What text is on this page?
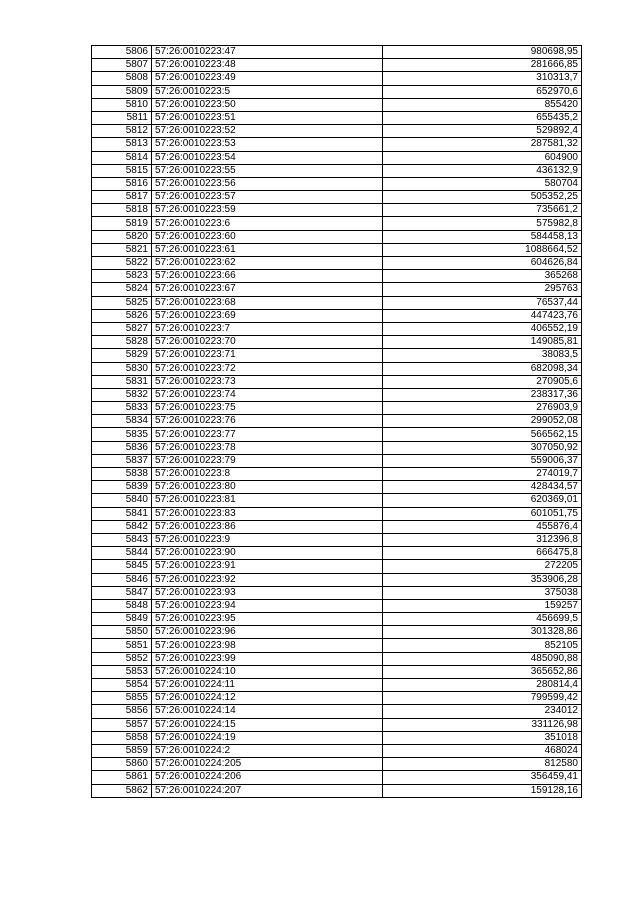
5806	57:26:0010223:47	980698,95
5807	57:26:0010223:48	281666,85
5808	57:26:0010223:49	310313,7
5809	57:26:0010223:5	652970,6
5810	57:26:0010223:50	855420
5811	57:26:0010223:51	655435,2
5812	57:26:0010223:52	529892,4
5813	57:26:0010223:53	287581,32
5814	57:26:0010223:54	604900
5815	57:26:0010223:55	436132,9
5816	57:26:0010223:56	580704
5817	57:26:0010223:57	505352,25
5818	57:26:0010223:59	735661,2
5819	57:26:0010223:6	575982,8
5820	57:26:0010223:60	584458,13
5821	57:26:0010223:61	1088664,52
5822	57:26:0010223:62	604626,84
5823	57:26:0010223:66	365268
5824	57:26:0010223:67	295763
5825	57:26:0010223:68	76537,44
5826	57:26:0010223:69	447423,76
5827	57:26:0010223:7	406552,19
5828	57:26:0010223:70	149085,81
5829	57:26:0010223:71	38083,5
5830	57:26:0010223:72	682098,34
5831	57:26:0010223:73	270905,6
5832	57:26:0010223:74	238317,36
5833	57:26:0010223:75	276903,9
5834	57:26:0010223:76	299052,08
5835	57:26:0010223:77	566562,15
5836	57:26:0010223:78	307050,92
5837	57:26:0010223:79	559006,37
5838	57:26:0010223:8	274019,7
5839	57:26:0010223:80	428434,57
5840	57:26:0010223:81	620369,01
5841	57:26:0010223:83	601051,75
5842	57:26:0010223:86	455876,4
5843	57:26:0010223:9	312396,8
5844	57:26:0010223:90	666475,8
5845	57:26:0010223:91	272205
5846	57:26:0010223:92	353906,28
5847	57:26:0010223:93	375038
5848	57:26:0010223:94	159257
5849	57:26:0010223:95	456699,5
5850	57:26:0010223:96	301328,86
5851	57:26:0010223:98	852105
5852	57:26:0010223:99	485090,88
5853	57:26:0010224:10	365652,86
5854	57:26:0010224:11	280814,4
5855	57:26:0010224:12	799599,42
5856	57:26:0010224:14	234012
5857	57:26:0010224:15	331126,98
5858	57:26:0010224:19	351018
5859	57:26:0010224:2	468024
5860	57:26:0010224:205	812580
5861	57:26:0010224:206	356459,41
5862	57:26:0010224:207	159128,16
